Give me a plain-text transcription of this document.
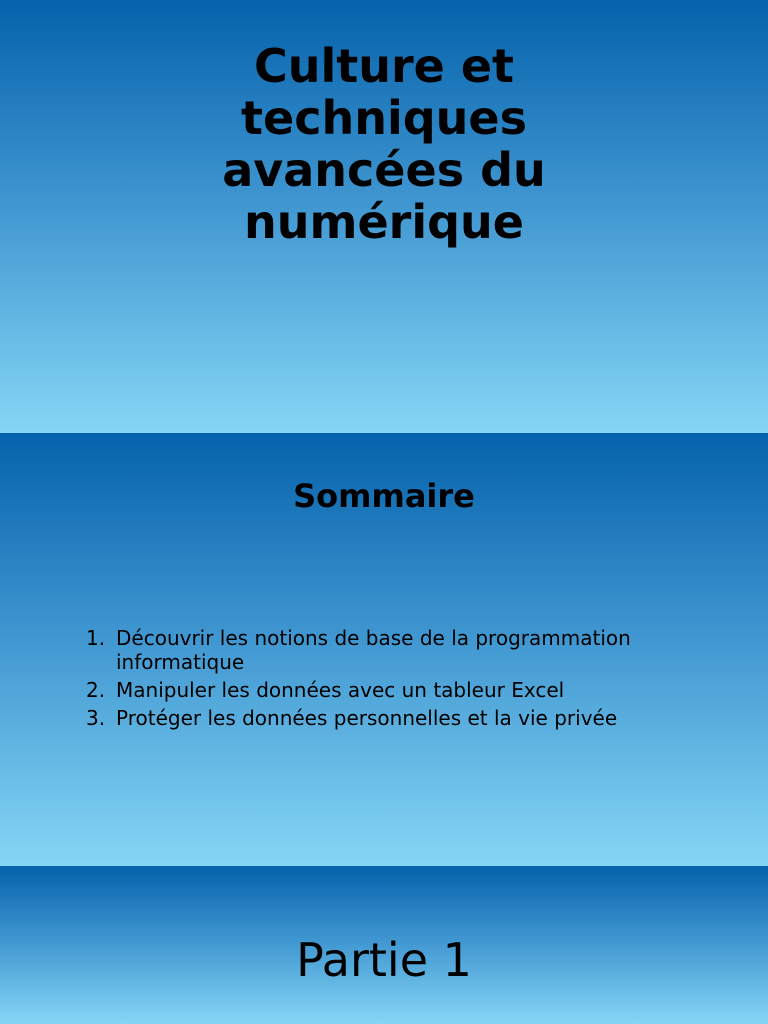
Culture et
techniques
avancées du
numérique
Sommaire
1. Découvrir les notions de base de la programmation informatique
2. Manipuler les données avec un tableur Excel
3. Protéger les données personnelles et la vie privée
Partie 1
